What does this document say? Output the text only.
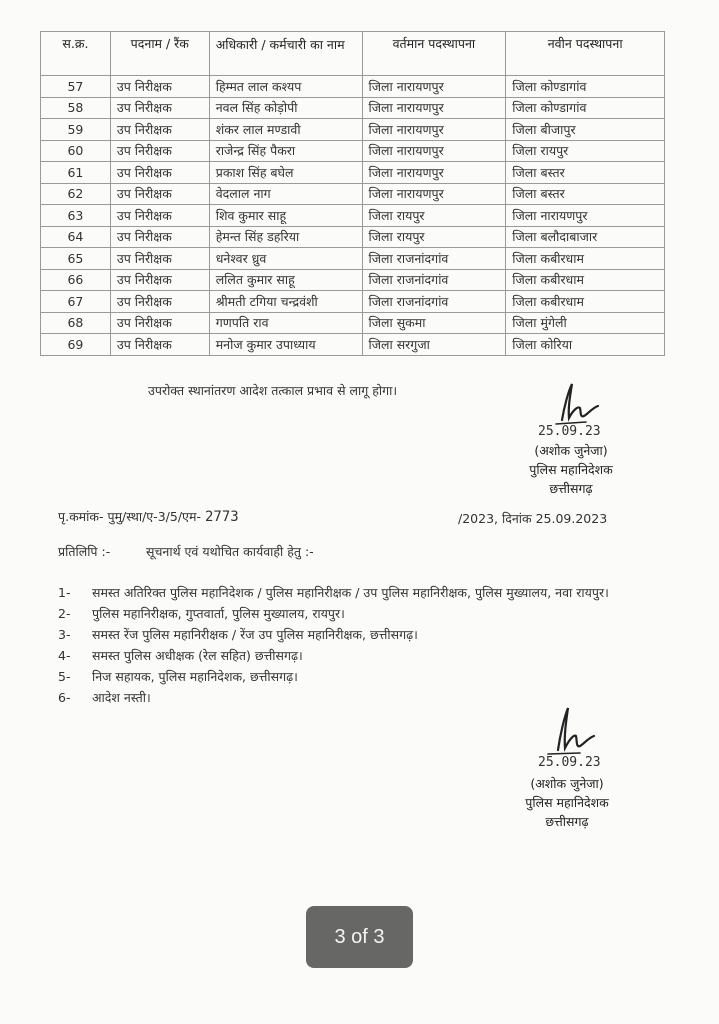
स.क्र.	पदनाम / रैंक	अधिकारी / कर्मचारी का नाम	वर्तमान पदस्थापना	नवीन पदस्थापना
57	उप निरीक्षक	हिम्मत लाल कश्यप	जिला नारायणपुर	जिला कोण्डागांव
58	उप निरीक्षक	नवल सिंह कोड़ोपी	जिला नारायणपुर	जिला कोण्डागांव
59	उप निरीक्षक	शंकर लाल मण्डावी	जिला नारायणपुर	जिला बीजापुर
60	उप निरीक्षक	राजेन्द्र सिंह पैकरा	जिला नारायणपुर	जिला रायपुर
61	उप निरीक्षक	प्रकाश सिंह बघेल	जिला नारायणपुर	जिला बस्तर
62	उप निरीक्षक	वेदलाल नाग	जिला नारायणपुर	जिला बस्तर
63	उप निरीक्षक	शिव कुमार साहू	जिला रायपुर	जिला नारायणपुर
64	उप निरीक्षक	हेमन्त सिंह डहरिया	जिला रायपुर	जिला बलौदाबाजार
65	उप निरीक्षक	धनेश्वर ध्रुव	जिला राजनांदगांव	जिला कबीरधाम
66	उप निरीक्षक	ललित कुमार साहू	जिला राजनांदगांव	जिला कबीरधाम
67	उप निरीक्षक	श्रीमती टगिया चन्द्रवंशी	जिला राजनांदगांव	जिला कबीरधाम
68	उप निरीक्षक	गणपति राव	जिला सुकमा	जिला मुंगेली
69	उप निरीक्षक	मनोज कुमार उपाध्याय	जिला सरगुजा	जिला कोरिया
उपरोक्त स्थानांतरण आदेश तत्काल प्रभाव से लागू होगा।
25.09.23
(अशोक जुनेजा)
पुलिस महानिदेशक
छत्तीसगढ़
पृ.कमांक- पुमु/स्था/ए-3/5/एम- 2773	/2023, दिनांक 25.09.2023
प्रतिलिपि :-	सूचनार्थ एवं यथोचित कार्यवाही हेतु :-
1-	समस्त अतिरिक्त पुलिस महानिदेशक / पुलिस महानिरीक्षक / उप पुलिस महानिरीक्षक, पुलिस मुख्यालय, नवा रायपुर।
2-	पुलिस महानिरीक्षक, गुप्तवार्ता, पुलिस मुख्यालय, रायपुर।
3-	समस्त रेंज पुलिस महानिरीक्षक / रेंज उप पुलिस महानिरीक्षक, छत्तीसगढ़।
4-	समस्त पुलिस अधीक्षक (रेल सहित) छत्तीसगढ़।
5-	निज सहायक, पुलिस महानिदेशक, छत्तीसगढ़।
6-	आदेश नस्ती।
25.09.23
(अशोक जुनेजा)
पुलिस महानिदेशक
छत्तीसगढ़
3 of 3
